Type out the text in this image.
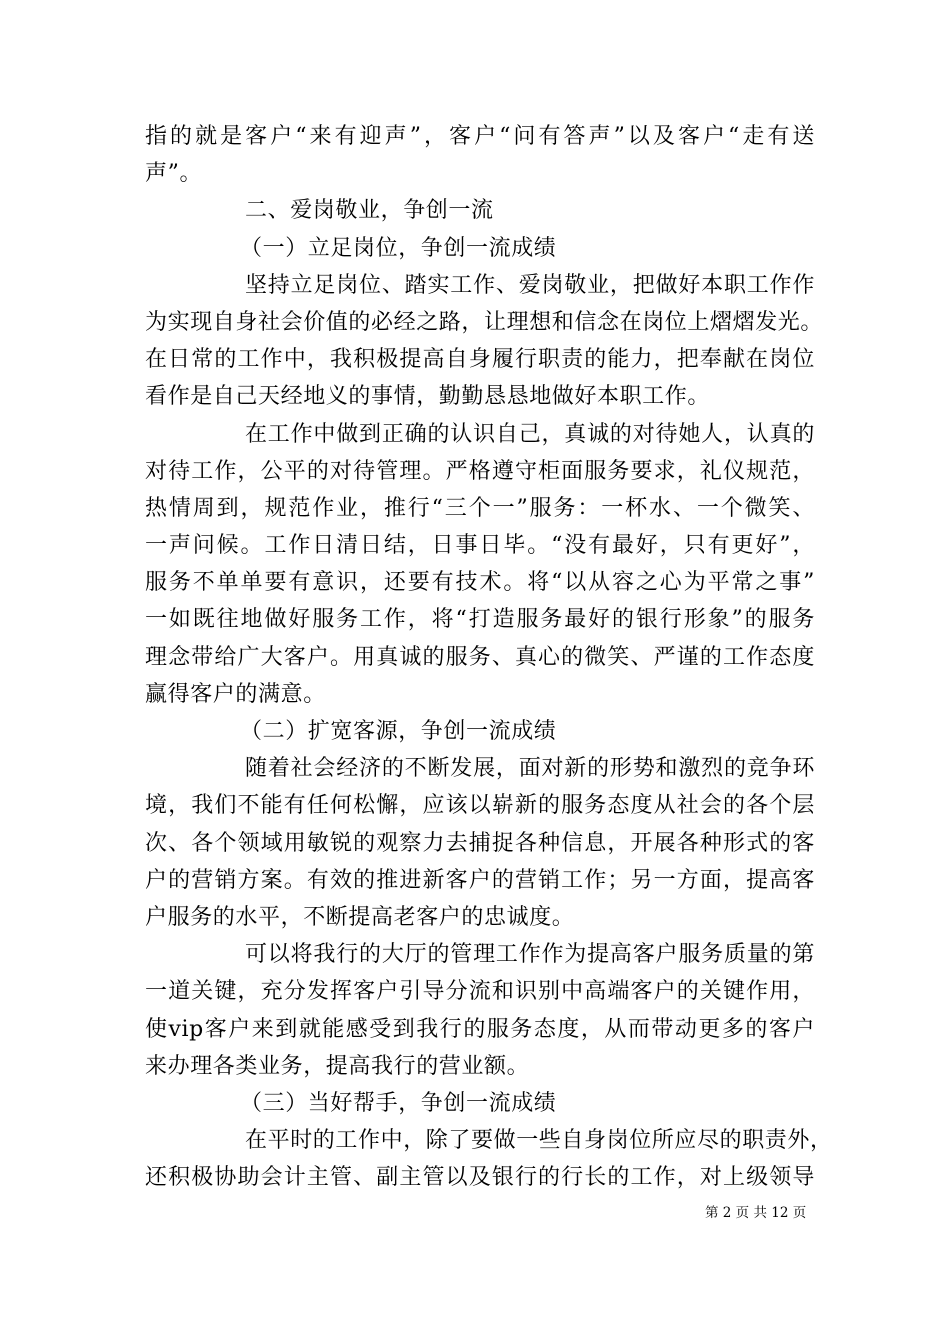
指的就是客户“来有迎声”，客户“问有答声”以及客户“走有送
声”。
二、爱岗敬业，争创一流
（一）立足岗位，争创一流成绩
坚持立足岗位、踏实工作、爱岗敬业，把做好本职工作作
为实现自身社会价值的必经之路，让理想和信念在岗位上熠熠发光。
在日常的工作中，我积极提高自身履行职责的能力，把奉献在岗位
看作是自己天经地义的事情，勤勤恳恳地做好本职工作。
在工作中做到正确的认识自己，真诚的对待她人，认真的
对待工作，公平的对待管理。严格遵守柜面服务要求，礼仪规范，
热情周到，规范作业，推行“三个一”服务：一杯水、一个微笑、
一声问候。工作日清日结，日事日毕。“没有最好，只有更好”，
服务不单单要有意识，还要有技术。将“以从容之心为平常之事”
一如既往地做好服务工作，将“打造服务最好的银行形象”的服务
理念带给广大客户。用真诚的服务、真心的微笑、严谨的工作态度
赢得客户的满意。
（二）扩宽客源，争创一流成绩
随着社会经济的不断发展，面对新的形势和激烈的竞争环
境，我们不能有任何松懈，应该以崭新的服务态度从社会的各个层
次、各个领域用敏锐的观察力去捕捉各种信息，开展各种形式的客
户的营销方案。有效的推进新客户的营销工作；另一方面，提高客
户服务的水平，不断提高老客户的忠诚度。
可以将我行的大厅的管理工作作为提高客户服务质量的第
一道关键，充分发挥客户引导分流和识别中高端客户的关键作用，
使vip客户来到就能感受到我行的服务态度，从而带动更多的客户
来办理各类业务，提高我行的营业额。
（三）当好帮手，争创一流成绩
在平时的工作中，除了要做一些自身岗位所应尽的职责外，
还积极协助会计主管、副主管以及银行的行长的工作，对上级领导
第 2 页 共 12 页
